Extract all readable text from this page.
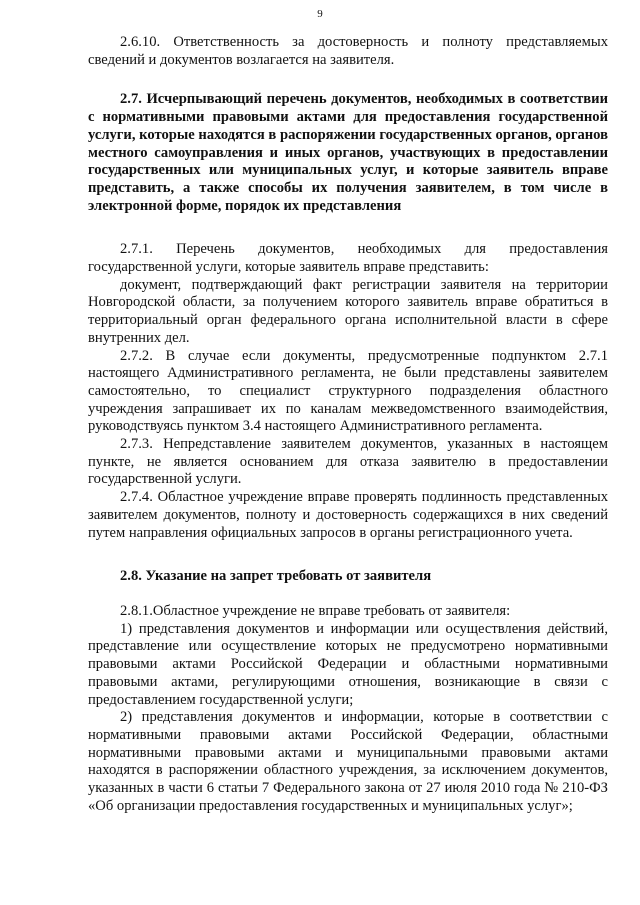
9

2.6.10. Ответственность за достоверность и полноту представляемых сведений и документов возлагается на заявителя.

2.7. Исчерпывающий перечень документов, необходимых в соответствии с нормативными правовыми актами для предоставления государственной услуги, которые находятся в распоряжении государственных органов, органов местного самоуправления и иных органов, участвующих в предоставлении государственных или муниципальных услуг, и которые заявитель вправе представить, а также способы их получения заявителем, в том числе в электронной форме, порядок их представления

2.7.1. Перечень документов, необходимых для предоставления государственной услуги, которые заявитель вправе представить:

документ, подтверждающий факт регистрации заявителя на территории Новгородской области, за получением которого заявитель вправе обратиться в территориальный орган федерального органа исполнительной власти в сфере внутренних дел.

2.7.2. В случае если документы, предусмотренные подпунктом 2.7.1 настоящего Административного регламента, не были представлены заявителем самостоятельно, то специалист структурного подразделения областного учреждения запрашивает их по каналам межведомственного взаимодействия, руководствуясь пунктом 3.4 настоящего Административного регламента.

2.7.3. Непредставление заявителем документов, указанных в настоящем пункте, не является основанием для отказа заявителю в предоставлении государственной услуги.

2.7.4. Областное учреждение вправе проверять подлинность представленных заявителем документов, полноту и достоверность содержащихся в них сведений путем направления официальных запросов в органы регистрационного учета.

2.8. Указание на запрет требовать от заявителя

2.8.1.Областное учреждение не вправе требовать от заявителя:

1) представления документов и информации или осуществления действий, представление или осуществление которых не предусмотрено нормативными правовыми актами Российской Федерации и областными нормативными правовыми актами, регулирующими отношения, возникающие в связи с предоставлением государственной услуги;

2) представления документов и информации, которые в соответствии с нормативными правовыми актами Российской Федерации, областными нормативными правовыми актами и муниципальными правовыми актами находятся в распоряжении областного учреждения, за исключением документов, указанных в части 6 статьи 7 Федерального закона от 27 июля 2010 года № 210-ФЗ «Об организации предоставления государственных и муниципальных услуг»;
